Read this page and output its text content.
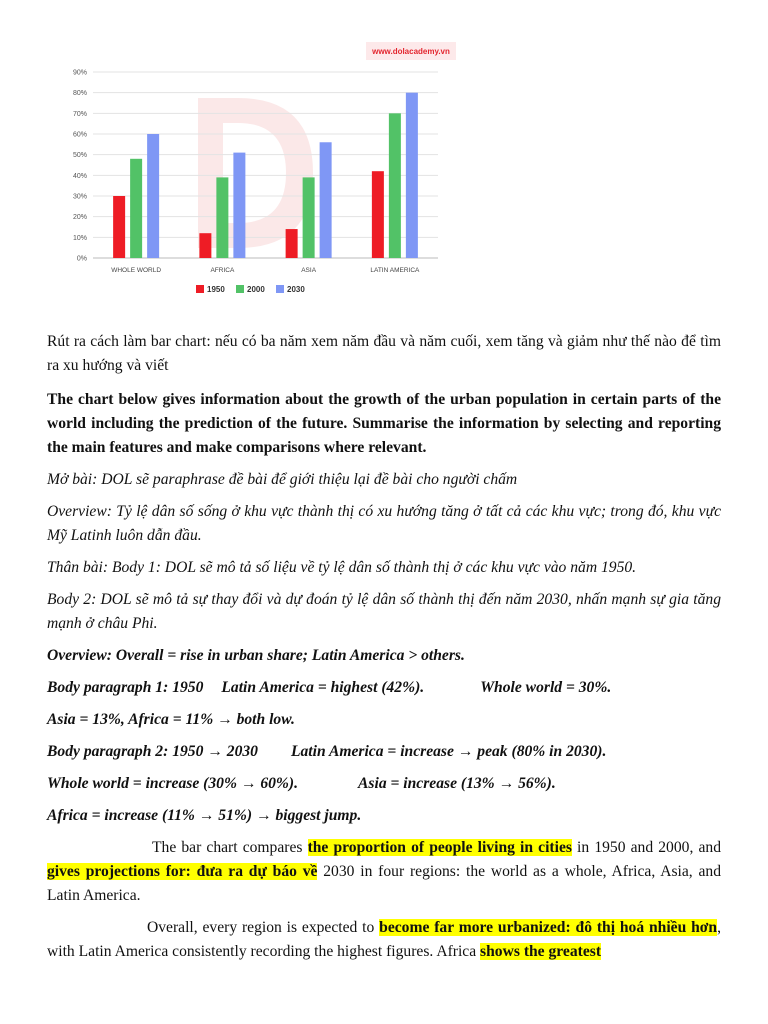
0%
10%
20%
30%
40%
50%
60%
70%
80%
90%
WHOLE WORLD	AFRICA	ASIA	LATIN AMERICA
1950	2000	2030
www.dolacademy.vn

Rút ra cách làm bar chart: nếu có ba năm xem năm đầu và năm cuối, xem tăng và giảm như thế nào để tìm ra xu hướng và viết

The chart below gives information about the growth of the urban population in certain parts of the world including the prediction of the future. Summarise the information by selecting and reporting the main features and make comparisons where relevant.

Mở bài: DOL sẽ paraphrase đề bài để giới thiệu lại đề bài cho người chấm

Overview: Tỷ lệ dân số sống ở khu vực thành thị có xu hướng tăng ở tất cả các khu vực; trong đó, khu vực Mỹ Latinh luôn dẫn đầu.

Thân bài: Body 1: DOL sẽ mô tả số liệu về tỷ lệ dân số thành thị ở các khu vực vào năm 1950.

Body 2: DOL sẽ mô tả sự thay đổi và dự đoán tỷ lệ dân số thành thị đến năm 2030, nhấn mạnh sự gia tăng mạnh ở châu Phi.

Overview: Overall = rise in urban share; Latin America > others.

Body paragraph 1: 1950 Latin America = highest (42%).	Whole world = 30%.

Asia = 13%, Africa = 11% → both low.

Body paragraph 2: 1950 → 2030 Latin America = increase → peak (80% in 2030).

Whole world = increase (30% → 60%).	Asia = increase (13% → 56%).

Africa = increase (11% → 51%) → biggest jump.

The bar chart compares the proportion of people living in cities in 1950 and 2000, and gives projections for: đưa ra dự báo về 2030 in four regions: the world as a whole, Africa, Asia, and Latin America.

Overall, every region is expected to become far more urbanized: đô thị hoá nhiều hơn, with Latin America consistently recording the highest figures. Africa shows the greatest
